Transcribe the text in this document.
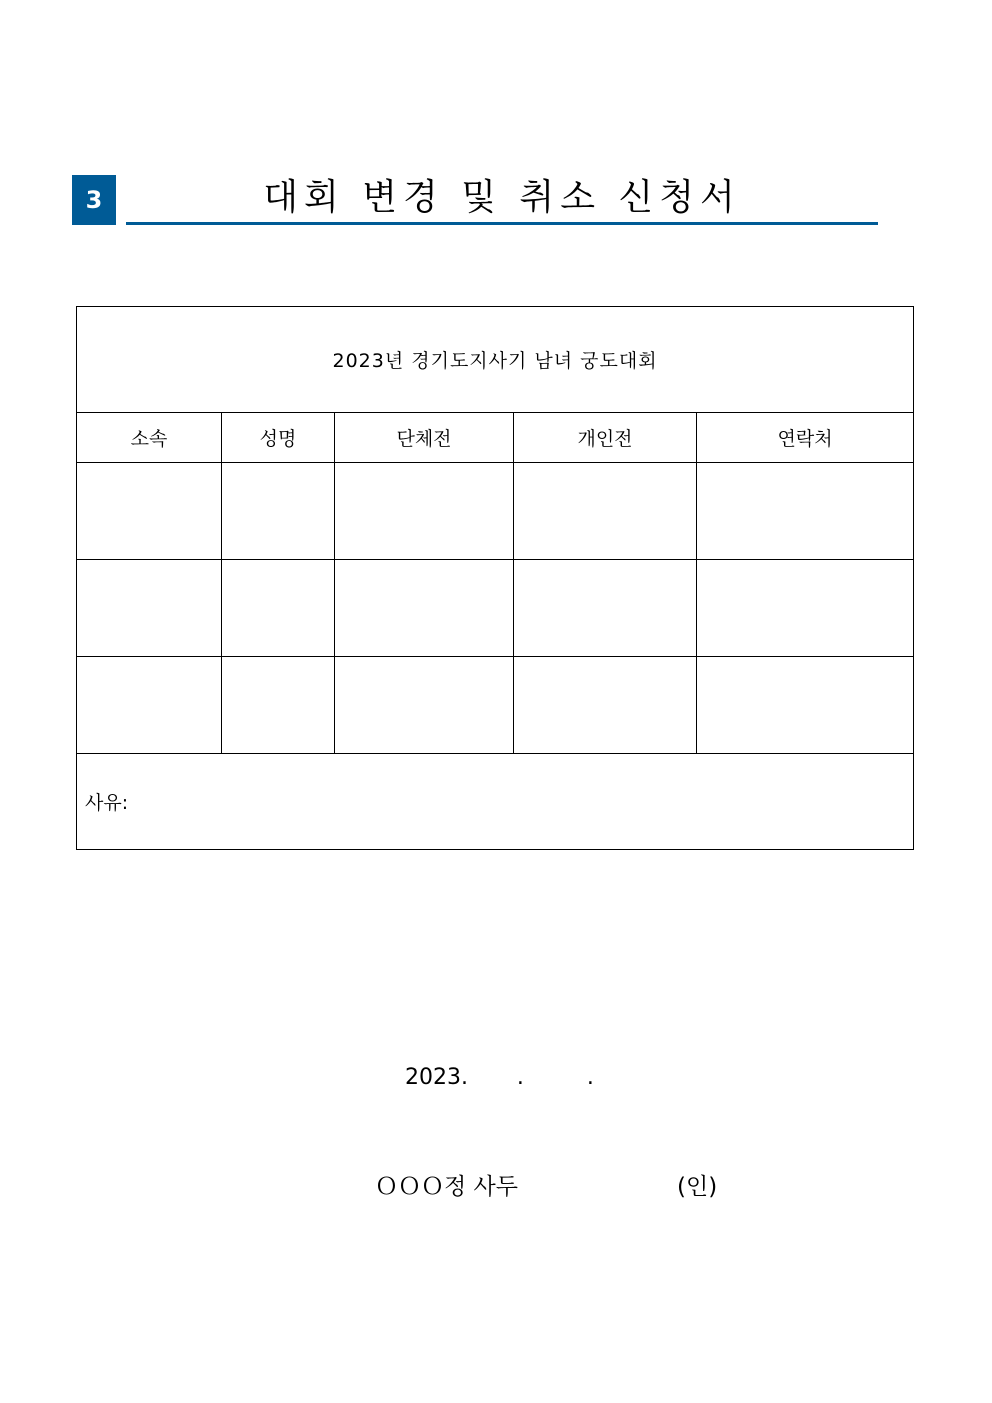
3	대회 변경 및 취소 신청서
2023년 경기도지사기 남녀 궁도대회				
소속	성명	단체전	개인전	연락처

사유:				
2023.       .         .
ＯＯＯ정 사두	(인)
